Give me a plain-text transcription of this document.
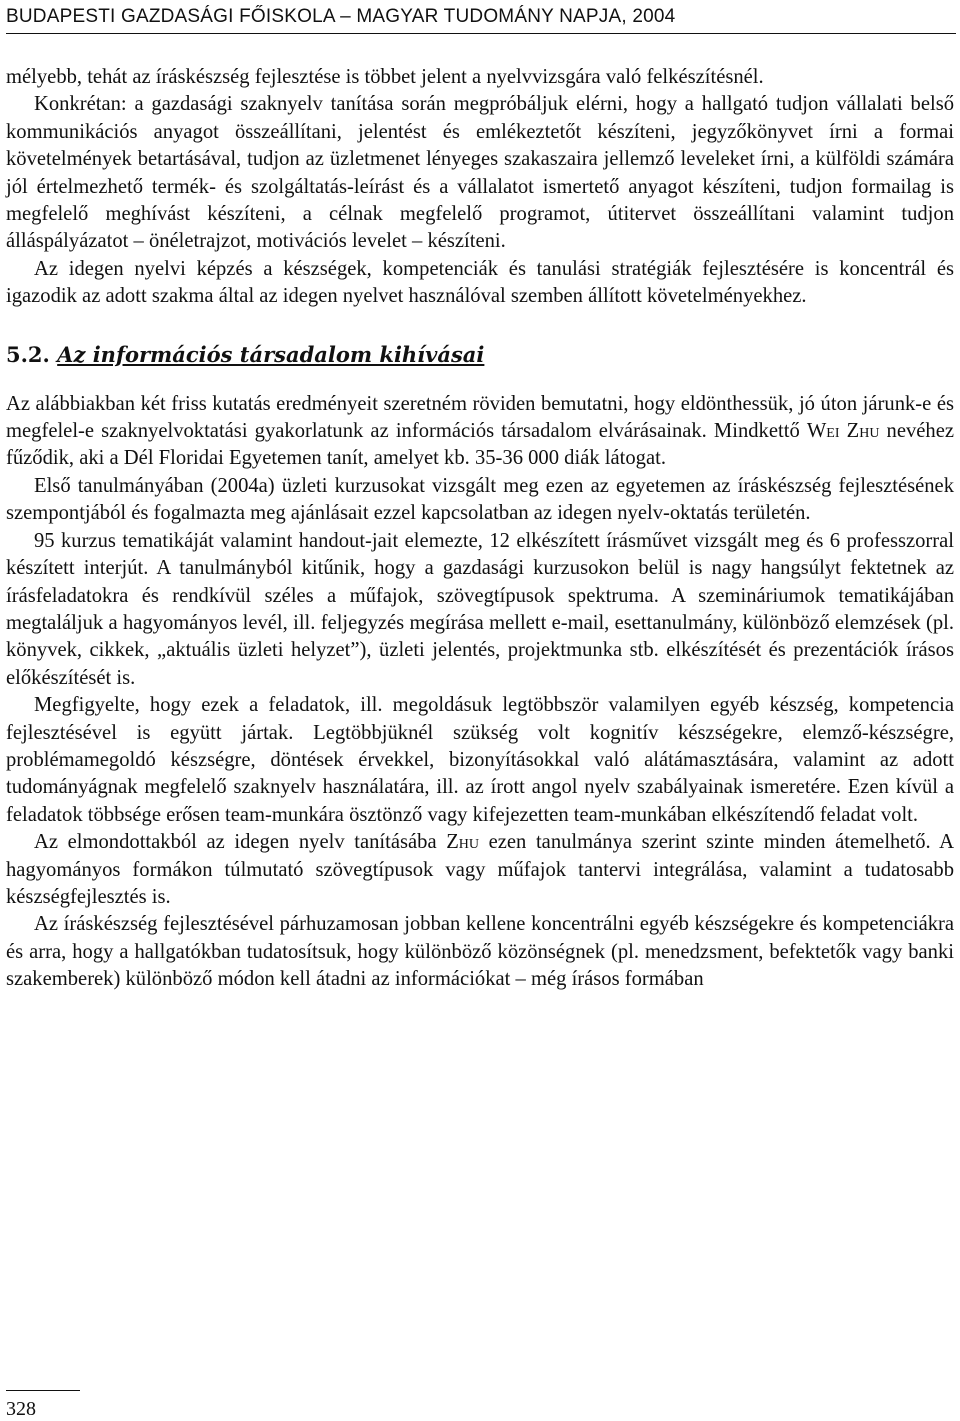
BUDAPESTI GAZDASÁGI FŐISKOLA – MAGYAR TUDOMÁNY NAPJA, 2004

mélyebb, tehát az íráskészség fejlesztése is többet jelent a nyelvvizsgára való felkészítésnél.

Konkrétan: a gazdasági szaknyelv tanítása során megpróbáljuk elérni, hogy a hallgató tudjon vállalati belső kommunikációs anyagot összeállítani, jelentést és emlékeztetőt készíteni, jegyzőkönyvet írni a formai követelmények betartásával, tudjon az üzletmenet lényeges szakaszaira jellemző leveleket írni, a külföldi számára jól értelmezhető termék- és szolgáltatás-leírást és a vállalatot ismertető anyagot készíteni, tudjon formailag is megfelelő meghívást készíteni, a célnak megfelelő programot, útitervet összeállítani valamint tudjon álláspályázatot – önéletrajzot, motivációs levelet – készíteni.

Az idegen nyelvi képzés a készségek, kompetenciák és tanulási stratégiák fejlesztésére is koncentrál és igazodik az adott szakma által az idegen nyelvet használóval szemben állított követelményekhez.

5.2. Az információs társadalom kihívásai

Az alábbiakban két friss kutatás eredményeit szeretném röviden bemutatni, hogy eldönthessük, jó úton járunk-e és megfelel-e szaknyelvoktatási gyakorlatunk az információs társadalom elvárásainak. Mindkettő Wei Zhu nevéhez fűződik, aki a Dél Floridai Egyetemen tanít, amelyet kb. 35-36 000 diák látogat.

Első tanulmányában (2004a) üzleti kurzusokat vizsgált meg ezen az egyetemen az íráskészség fejlesztésének szempontjából és fogalmazta meg ajánlásait ezzel kapcsolatban az idegen nyelv-oktatás területén.

95 kurzus tematikáját valamint handout-jait elemezte, 12 elkészített írásművet vizsgált meg és 6 professzorral készített interjút. A tanulmányból kitűnik, hogy a gazdasági kurzusokon belül is nagy hangsúlyt fektetnek az írásfeladatokra és rendkívül széles a műfajok, szövegtípusok spektruma. A szemináriumok tematikájában megtaláljuk a hagyományos levél, ill. feljegyzés megírása mellett e-mail, esettanulmány, különböző elemzések (pl. könyvek, cikkek, „aktuális üzleti helyzet”), üzleti jelentés, projektmunka stb. elkészítését és prezentációk írásos előkészítését is.

Megfigyelte, hogy ezek a feladatok, ill. megoldásuk legtöbbször valamilyen egyéb készség, kompetencia fejlesztésével is együtt jártak. Legtöbbjüknél szükség volt kognitív készségekre, elemző-készségre, problémamegoldó készségre, döntések érvekkel, bizonyításokkal való alátámasztására, valamint az adott tudományágnak megfelelő szaknyelv használatára, ill. az írott angol nyelv szabályainak ismeretére. Ezen kívül a feladatok többsége erősen team-munkára ösztönző vagy kifejezetten team-munkában elkészítendő feladat volt.

Az elmondottakból az idegen nyelv tanításába Zhu ezen tanulmánya szerint szinte minden átemelhető. A hagyományos formákon túlmutató szövegtípusok vagy műfajok tantervi integrálása, valamint a tudatosabb készségfejlesztés is.

Az íráskészség fejlesztésével párhuzamosan jobban kellene koncentrálni egyéb készségekre és kompetenciákra és arra, hogy a hallgatókban tudatosítsuk, hogy különböző közönségnek (pl. menedzsment, befektetők vagy banki szakemberek) különböző módon kell átadni az információkat – még írásos formában

328
